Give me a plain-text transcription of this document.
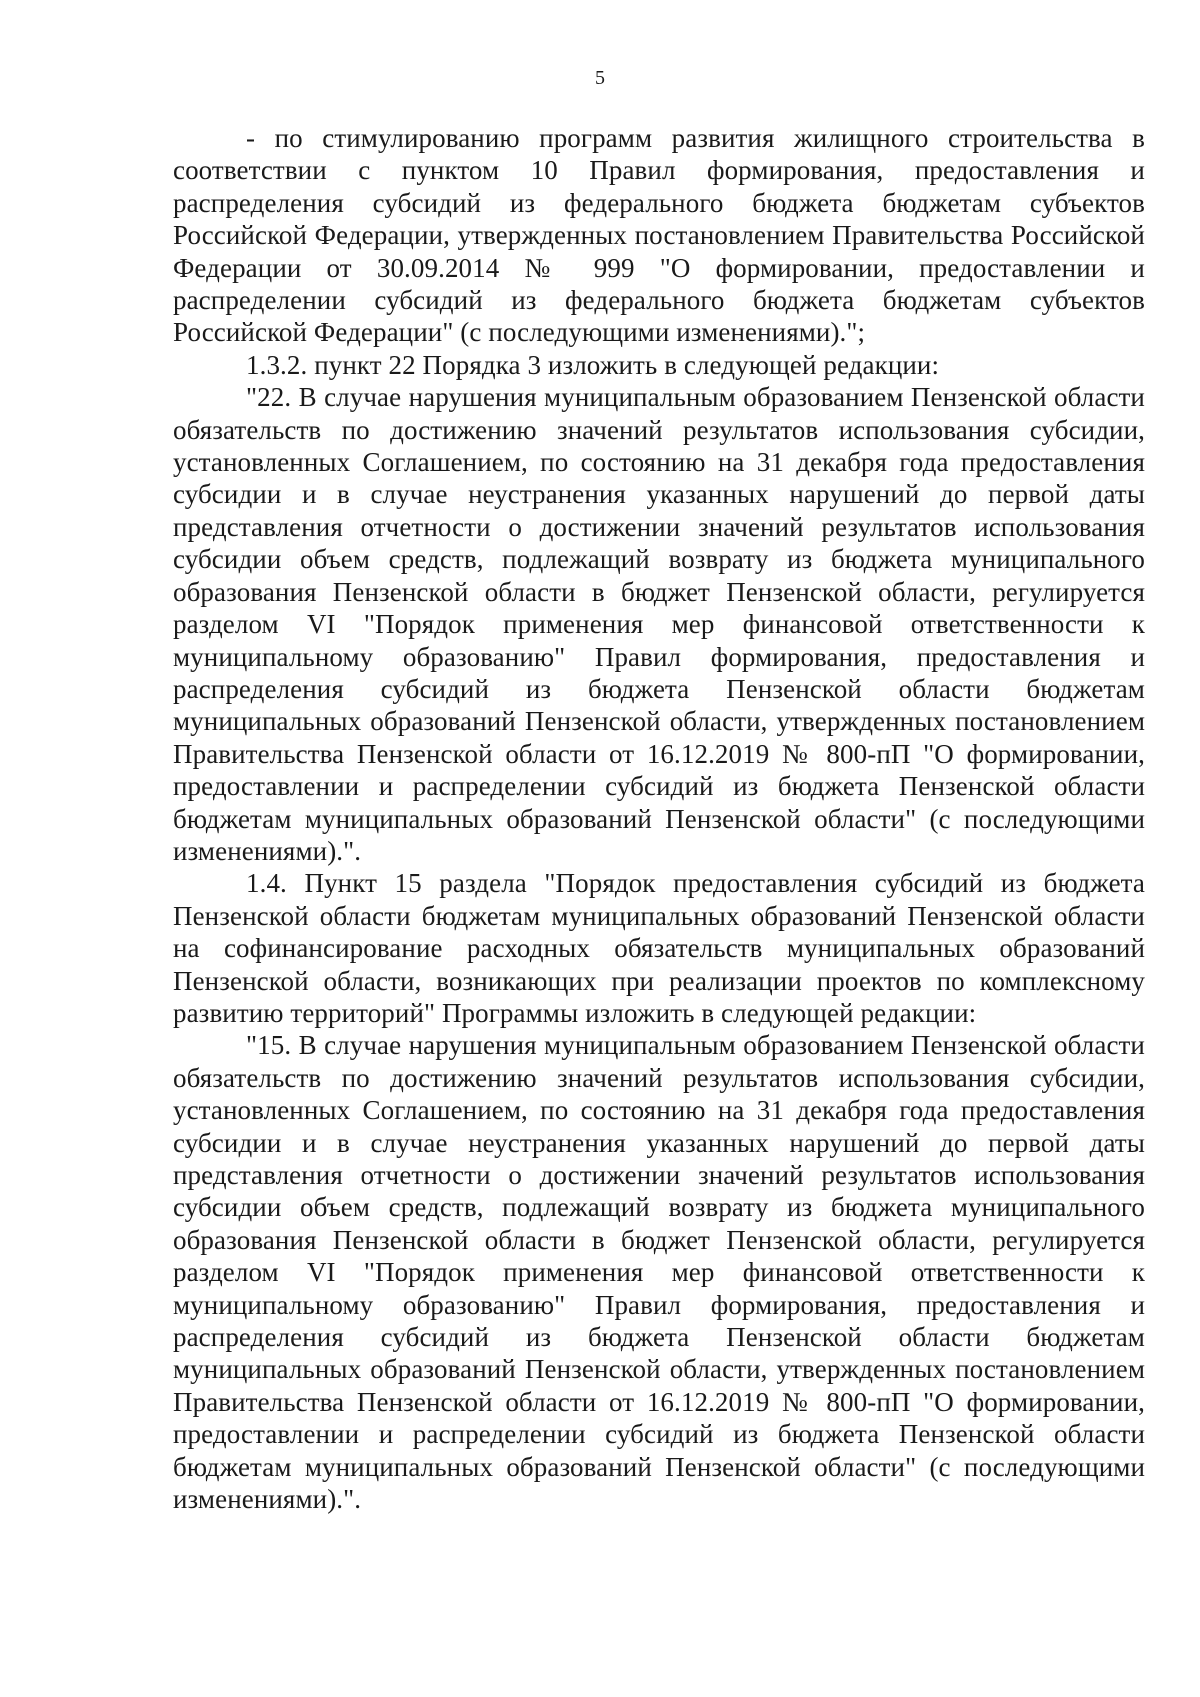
5

- по стимулированию программ развития жилищного строительства в соответствии с пунктом 10 Правил формирования, предоставления и распределения субсидий из федерального бюджета бюджетам субъектов Российской Федерации, утвержденных постановлением Правительства Российской Федерации от 30.09.2014 № 999 "О формировании, предоставлении и распределении субсидий из федерального бюджета бюджетам субъектов Российской Федерации" (с последующими изменениями).";

1.3.2. пункт 22 Порядка 3 изложить в следующей редакции:

"22. В случае нарушения муниципальным образованием Пензенской области обязательств по достижению значений результатов использования субсидии, установленных Соглашением, по состоянию на 31 декабря года предоставления субсидии и в случае неустранения указанных нарушений до первой даты представления отчетности о достижении значений результатов использования субсидии объем средств, подлежащий возврату из бюджета муниципального образования Пензенской области в бюджет Пензенской области, регулируется разделом VI "Порядок применения мер финансовой ответственности к муниципальному образованию" Правил формирования, предоставления и распределения субсидий из бюджета Пензенской области бюджетам муниципальных образований Пензенской области, утвержденных постановлением Правительства Пензенской области от 16.12.2019 № 800-пП "О формировании, предоставлении и распределении субсидий из бюджета Пензенской области бюджетам муниципальных образований Пензенской области" (с последующими изменениями).".

1.4. Пункт 15 раздела "Порядок предоставления субсидий из бюджета Пензенской области бюджетам муниципальных образований Пензенской области на софинансирование расходных обязательств муниципальных образований Пензенской области, возникающих при реализации проектов по комплексному развитию территорий" Программы изложить в следующей редакции:

"15. В случае нарушения муниципальным образованием Пензенской области обязательств по достижению значений результатов использования субсидии, установленных Соглашением, по состоянию на 31 декабря года предоставления субсидии и в случае неустранения указанных нарушений до первой даты представления отчетности о достижении значений результатов использования субсидии объем средств, подлежащий возврату из бюджета муниципального образования Пензенской области в бюджет Пензенской области, регулируется разделом VI "Порядок применения мер финансовой ответственности к муниципальному образованию" Правил формирования, предоставления и распределения субсидий из бюджета Пензенской области бюджетам муниципальных образований Пензенской области, утвержденных постановлением Правительства Пензенской области от 16.12.2019 № 800-пП "О формировании, предоставлении и распределении субсидий из бюджета Пензенской области бюджетам муниципальных образований Пензенской области" (с последующими изменениями).".
